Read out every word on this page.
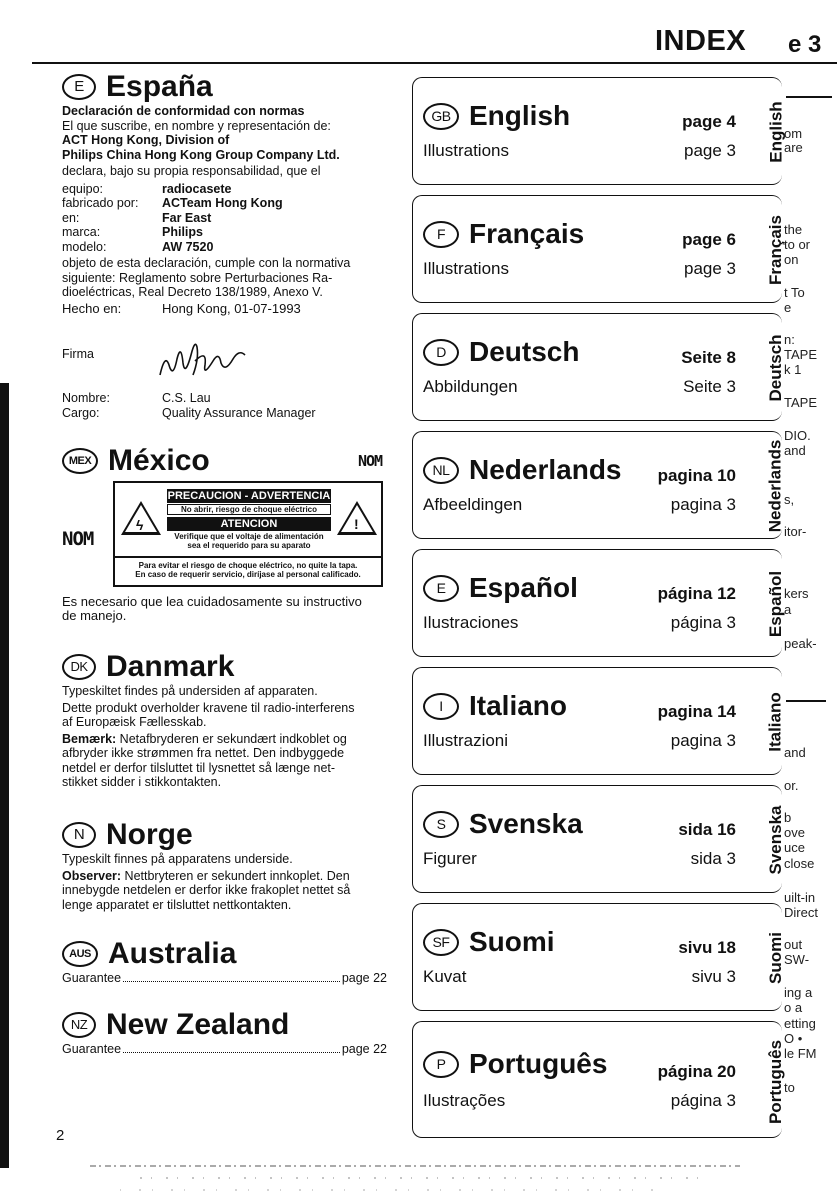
INDEX e 3
E España
Declaración de conformidad con normas
El que suscribe, en nombre y representación de:
ACT Hong Kong, Division of
Philips China Hong Kong Group Company Ltd.
declara, bajo su propia responsabilidad, que el
equipo:	radiocasete
fabricado por:	ACTeam Hong Kong
en:	Far East
marca:	Philips
modelo:	AW 7520
objeto de esta declaración, cumple con la normativa
siguiente: Reglamento sobre Perturbaciones Ra-
dioeléctricas, Real Decreto 138/1989, Anexo V.
Hecho en:	Hong Kong, 01-07-1993
Firma
Nombre:	C.S. Lau
Cargo:	Quality Assurance Manager
MEX México	NOM
NOM
ϟ	!
PRECAUCION - ADVERTENCIA
No abrir, riesgo de choque eléctrico
ATENCION
Verifique que el voltaje de alimentación
sea el requerido para su aparato
Para evitar el riesgo de choque eléctrico, no quite la tapa.
En caso de requerir servicio, diríjase al personal calificado.
Es necesario que lea cuidadosamente su instructivo
de manejo.
DK Danmark
Typeskiltet findes på undersiden af apparaten.
Dette produkt overholder kravene til radio-interferens
af Europæisk Fællesskab.
Bemærk: Netafbryderen er sekundært indkoblet og
afbryder ikke strømmen fra nettet. Den indbyggede
netdel er derfor tilsluttet til lysnettet så længe net-
stikket sidder i stikkontakten.
N Norge
Typeskilt finnes på apparatens underside.
Observer: Nettbryteren er sekundert innkoplet. Den
innebygde netdelen er derfor ikke frakoplet nettet så
lenge apparatet er tilsluttet nettkontakten.
AUS Australia
Guarantee	page 22
NZ New Zealand
Guarantee	page 22
2
GB English	page 4
Illustrations	page 3 English
F Français	page 6
Illustrations	page 3 Français
D Deutsch	Seite 8
Abbildungen	Seite 3 Deutsch
NL Nederlands pagina 10
Afbeeldingen	pagina 3 Nederlands
E Español	página 12
Ilustraciones	página 3 Español
I Italiano	pagina 14
Illustrazioni	pagina 3 Italiano
S Svenska	sida 16
Figurer	sida 3 Svenska
SF Suomi	sivu 18
Kuvat	sivu 3 Suomi
P Português	página 20
Ilustrações	página 3 Português
om
are
the
to or
on
t To
e
n:
TAPE
k 1
TAPE
DIO.
and
s,
itor-
kers
a
peak-
and
or.
b
ove
uce
close
uilt-in
Direct
out
SW-
ing a
o a
etting
O •
le FM
to
